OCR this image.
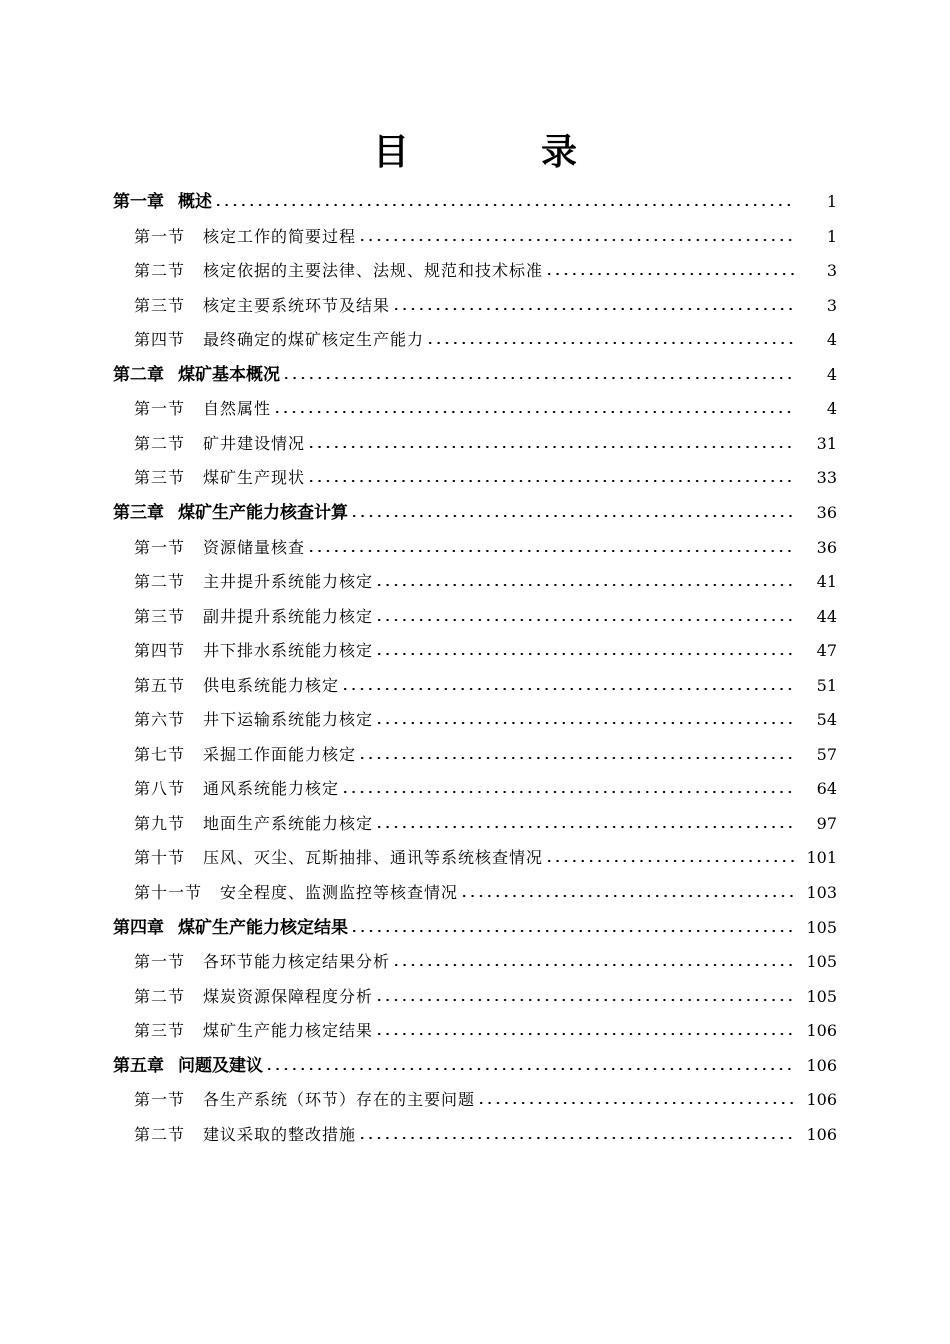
目　录
第一章 概述	1
第一节 核定工作的简要过程	1
第二节 核定依据的主要法律、法规、规范和技术标准	3
第三节 核定主要系统环节及结果	3
第四节 最终确定的煤矿核定生产能力	4
第二章 煤矿基本概况	4
第一节 自然属性	4
第二节 矿井建设情况	31
第三节 煤矿生产现状	33
第三章 煤矿生产能力核查计算	36
第一节 资源储量核查	36
第二节 主井提升系统能力核定	41
第三节 副井提升系统能力核定	44
第四节 井下排水系统能力核定	47
第五节 供电系统能力核定	51
第六节 井下运输系统能力核定	54
第七节 采掘工作面能力核定	57
第八节 通风系统能力核定	64
第九节 地面生产系统能力核定	97
第十节 压风、灭尘、瓦斯抽排、通讯等系统核查情况	101
第十一节 安全程度、监测监控等核查情况	103
第四章 煤矿生产能力核定结果	105
第一节 各环节能力核定结果分析	105
第二节 煤炭资源保障程度分析	105
第三节 煤矿生产能力核定结果	106
第五章 问题及建议	106
第一节 各生产系统（环节）存在的主要问题	106
第二节 建议采取的整改措施	106
